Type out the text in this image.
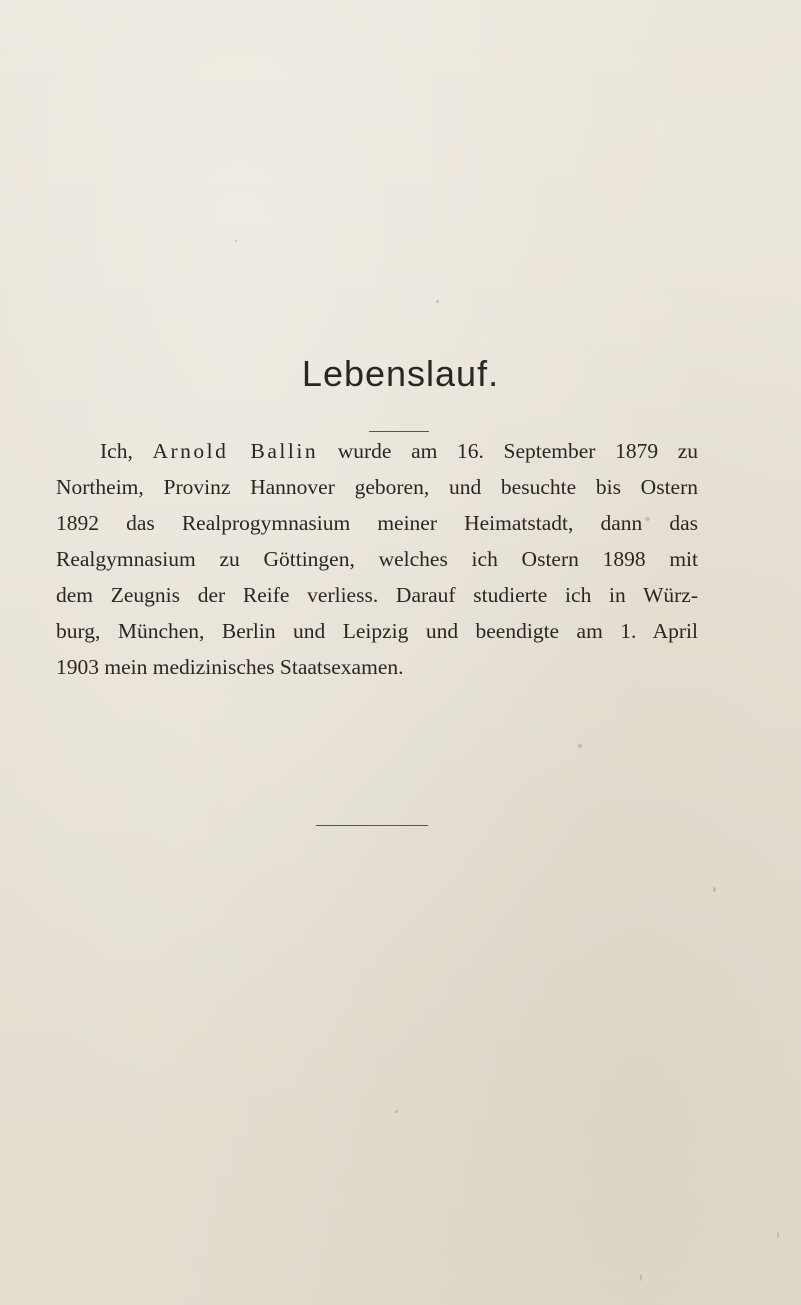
Lebenslauf.
Ich, Arnold Ballin wurde am 16. September 1879 zu
Northeim, Provinz Hannover geboren, und besuchte bis Ostern
1892 das Realprogymnasium meiner Heimatstadt, dann das
Realgymnasium zu Göttingen, welches ich Ostern 1898 mit
dem Zeugnis der Reife verliess. Darauf studierte ich in Würz-
burg, München, Berlin und Leipzig und beendigte am 1. April
1903 mein medizinisches Staatsexamen.
